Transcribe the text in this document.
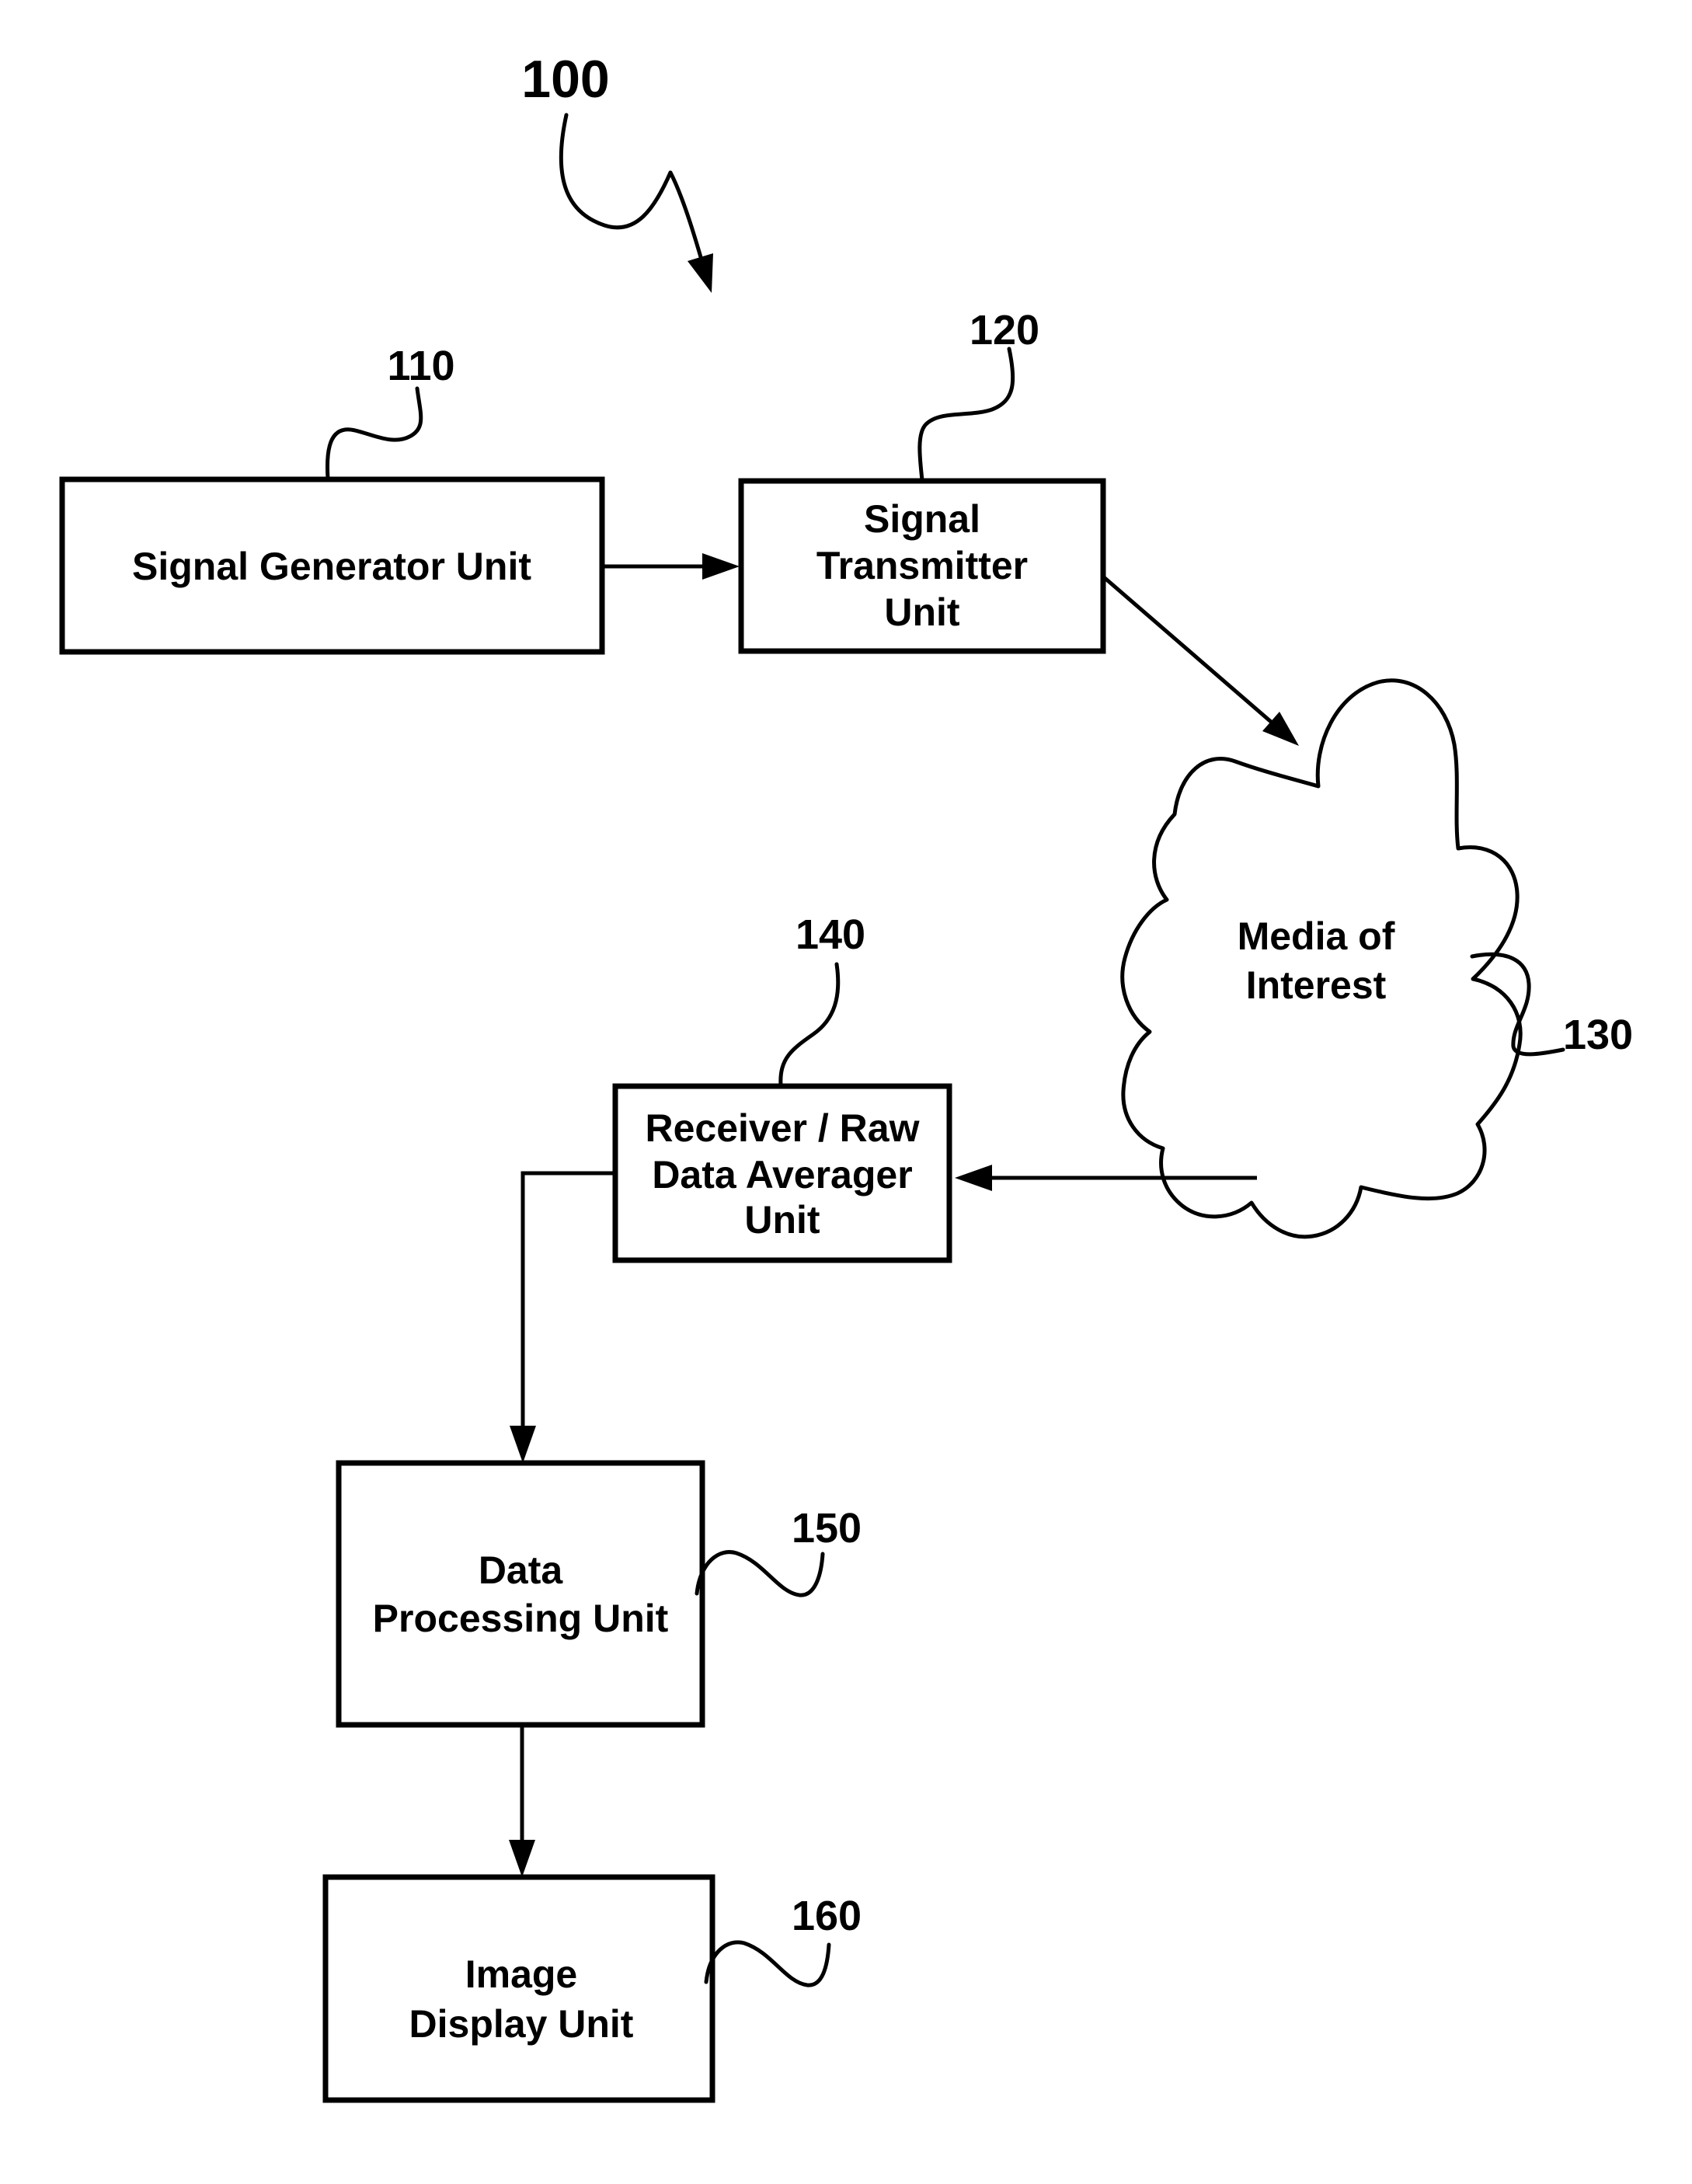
100
110
Signal Generator Unit
120
Signal
Transmitter
Unit
Media of
Interest
130
140
Receiver / Raw
Data Averager
Unit
Data
Processing Unit
150
Image
Display Unit
160
